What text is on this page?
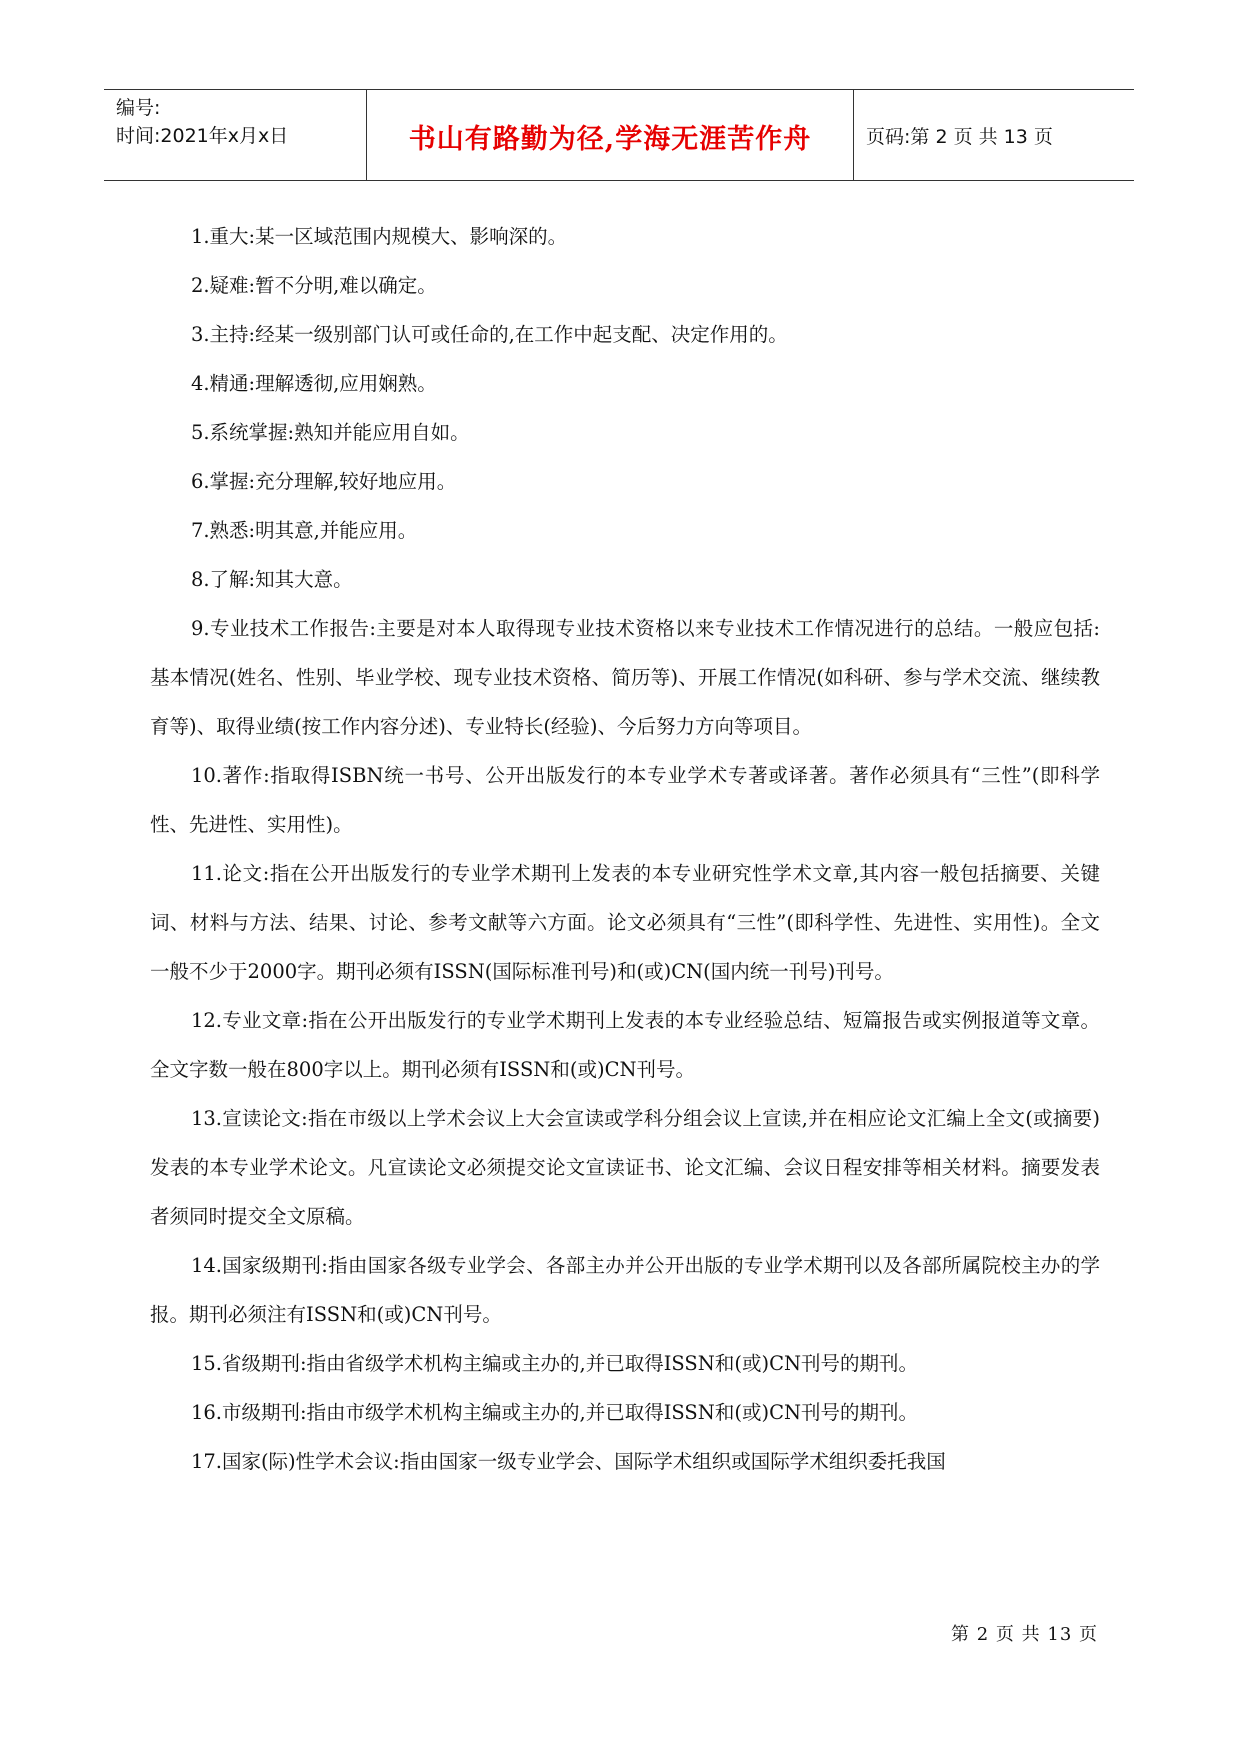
编号:
时间:2021年x月x日	书山有路勤为径,学海无涯苦作舟	页码:第 2 页 共 13 页

1.重大:某一区域范围内规模大、影响深的。

2.疑难:暂不分明,难以确定。

3.主持:经某一级别部门认可或任命的,在工作中起支配、决定作用的。

4.精通:理解透彻,应用娴熟。

5.系统掌握:熟知并能应用自如。

6.掌握:充分理解,较好地应用。

7.熟悉:明其意,并能应用。

8.了解:知其大意。

9.专业技术工作报告:主要是对本人取得现专业技术资格以来专业技术工作情况进行的总结。一般应包括:基本情况(姓名、性别、毕业学校、现专业技术资格、简历等)、开展工作情况(如科研、参与学术交流、继续教育等)、取得业绩(按工作内容分述)、专业特长(经验)、今后努力方向等项目。

10.著作:指取得ISBN统一书号、公开出版发行的本专业学术专著或译著。著作必须具有“三性”(即科学性、先进性、实用性)。

11.论文:指在公开出版发行的专业学术期刊上发表的本专业研究性学术文章,其内容一般包括摘要、关键词、材料与方法、结果、讨论、参考文献等六方面。论文必须具有“三性”(即科学性、先进性、实用性)。全文一般不少于2000字。期刊必须有ISSN(国际标准刊号)和(或)CN(国内统一刊号)刊号。

12.专业文章:指在公开出版发行的专业学术期刊上发表的本专业经验总结、短篇报告或实例报道等文章。全文字数一般在800字以上。期刊必须有ISSN和(或)CN刊号。

13.宣读论文:指在市级以上学术会议上大会宣读或学科分组会议上宣读,并在相应论文汇编上全文(或摘要)发表的本专业学术论文。凡宣读论文必须提交论文宣读证书、论文汇编、会议日程安排等相关材料。摘要发表者须同时提交全文原稿。

14.国家级期刊:指由国家各级专业学会、各部主办并公开出版的专业学术期刊以及各部所属院校主办的学报。期刊必须注有ISSN和(或)CN刊号。

15.省级期刊:指由省级学术机构主编或主办的,并已取得ISSN和(或)CN刊号的期刊。

16.市级期刊:指由市级学术机构主编或主办的,并已取得ISSN和(或)CN刊号的期刊。

17.国家(际)性学术会议:指由国家一级专业学会、国际学术组织或国际学术组织委托我国

第 2 页 共 13 页
